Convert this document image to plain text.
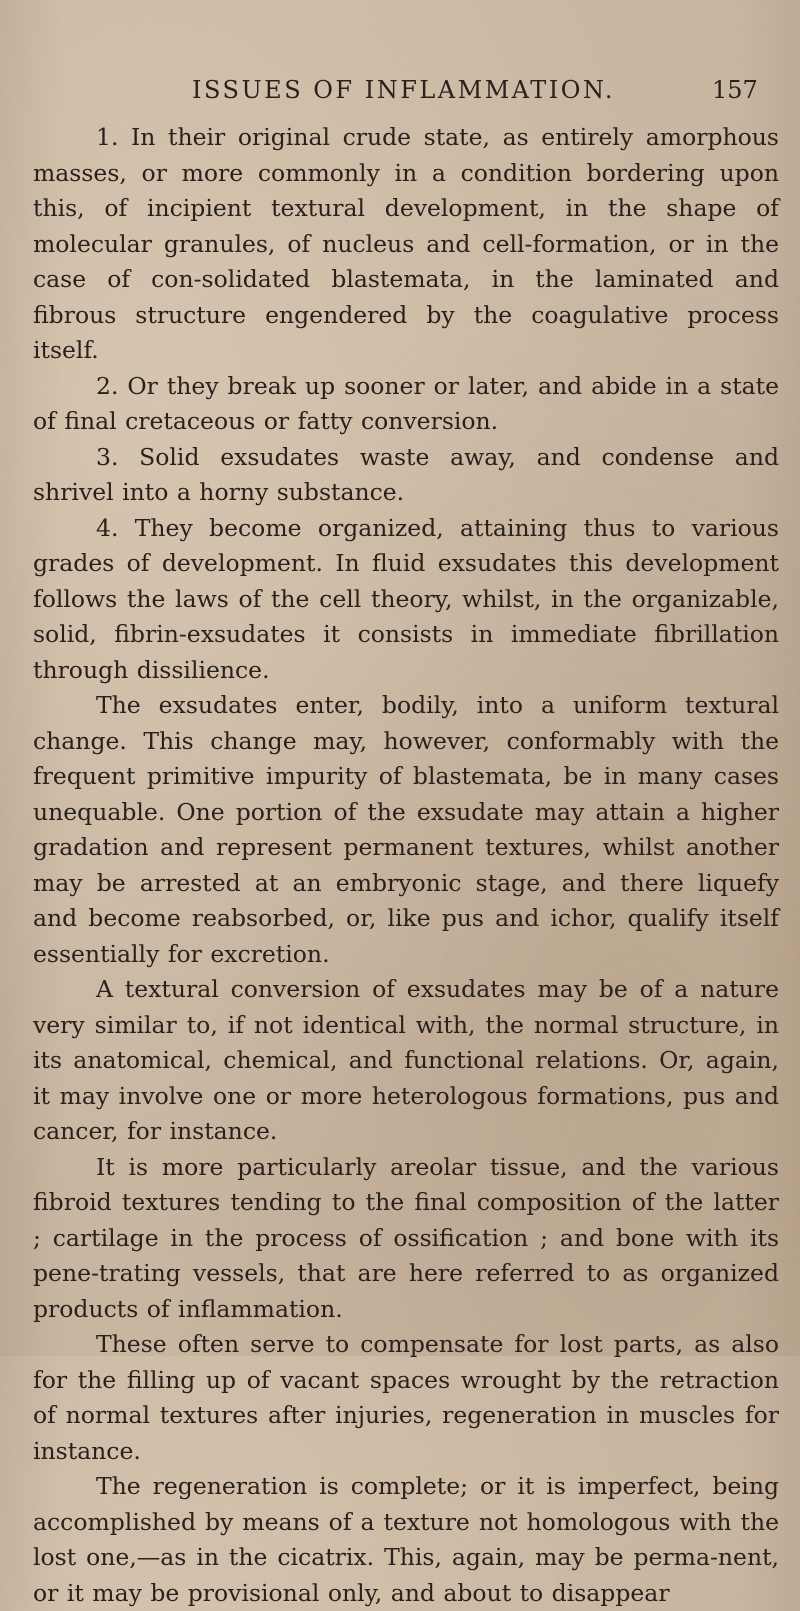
ISSUES OF INFLAMMATION.	157

1. In their original crude state, as entirely amorphous masses, or more commonly in a condition bordering upon this, of incipient textural development, in the shape of molecular granules, of nucleus and cell-formation, or in the case of con-solidated blastemata, in the laminated and fibrous structure engendered by the coagulative process itself.

2. Or they break up sooner or later, and abide in a state of final cretaceous or fatty conversion.

3. Solid exsudates waste away, and condense and shrivel into a horny substance.

4. They become organized, attaining thus to various grades of development. In fluid exsudates this development follows the laws of the cell theory, whilst, in the organizable, solid, fibrin-exsudates it consists in immediate fibrillation through dissilience.

The exsudates enter, bodily, into a uniform textural change. This change may, however, conformably with the frequent primitive impurity of blastemata, be in many cases unequable. One portion of the exsudate may attain a higher gradation and represent permanent textures, whilst another may be arrested at an embryonic stage, and there liquefy and become reabsorbed, or, like pus and ichor, qualify itself essentially for excretion.

A textural conversion of exsudates may be of a nature very similar to, if not identical with, the normal structure, in its anatomical, chemical, and functional relations. Or, again, it may involve one or more heterologous formations, pus and cancer, for instance.

It is more particularly areolar tissue, and the various fibroid textures tending to the final composition of the latter ; cartilage in the process of ossification ; and bone with its pene-trating vessels, that are here referred to as organized products of inflammation.

These often serve to compensate for lost parts, as also for the filling up of vacant spaces wrought by the retraction of normal textures after injuries, regeneration in muscles for instance.

The regeneration is complete; or it is imperfect, being accomplished by means of a texture not homologous with the lost one,—as in the cicatrix. This, again, may be perma-nent, or it may be provisional only, and about to disappear
